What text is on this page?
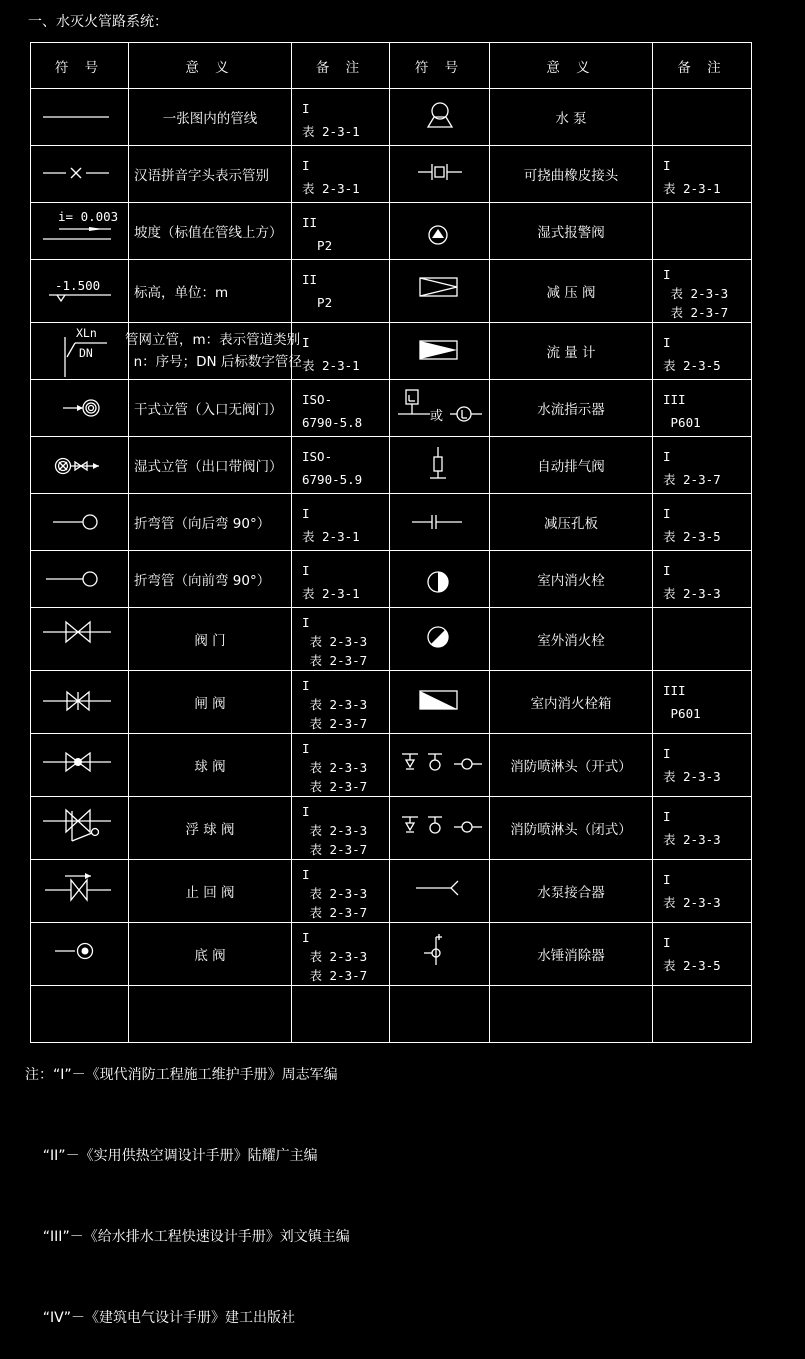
一、水灭火管路系统：
符 号	意 义	备 注	符 号	意 义	备 注

一张图内的管线	I
表 2-3-1		水 泵	

汉语拼音字头表示管别	I
表 2-3-1		可挠曲橡皮接头	I
表 2-3-1

i= 0.003	坡度（标值在管线上方）	II
P2		湿式报警阀	

-1.500	标高，单位：m	II
P2		减 压 阀	I
表 2-3-3
表 2-3-7

XLn
DN	管网立管，m：表示管道类别
n：序号；DN 后标数字管径	I
表 2-3-1		流 量 计	I
表 2-3-5

干式立管（入口无阀门）	ISO-
6790-5.8	或	水流指示器	III
P601

湿式立管（出口带阀门）	ISO-
6790-5.9		自动排气阀	I
表 2-3-7

折弯管（向后弯 90°）	I
表 2-3-1		减压孔板	I
表 2-3-5

折弯管（向前弯 90°）	I
表 2-3-1		室内消火栓	I
表 2-3-3

阀 门	I
表 2-3-3
表 2-3-7		室外消火栓	

闸 阀	I
表 2-3-3
表 2-3-7		室内消火栓箱	III
P601

球 阀	I
表 2-3-3
表 2-3-7		消防喷淋头（开式）	I
表 2-3-3

浮 球 阀	I
表 2-3-3
表 2-3-7		消防喷淋头（闭式）	I
表 2-3-3

止 回 阀	I
表 2-3-3
表 2-3-7		水泵接合器	I
表 2-3-3

底 阀	I
表 2-3-3
表 2-3-7		水锤消除器	I
表 2-3-5

注：“I”－《现代消防工程施工维护手册》周志军编

“II”－《实用供热空调设计手册》陆耀广主编

“III”－《给水排水工程快速设计手册》刘文镇主编

“IV”－《建筑电气设计手册》建工出版社
